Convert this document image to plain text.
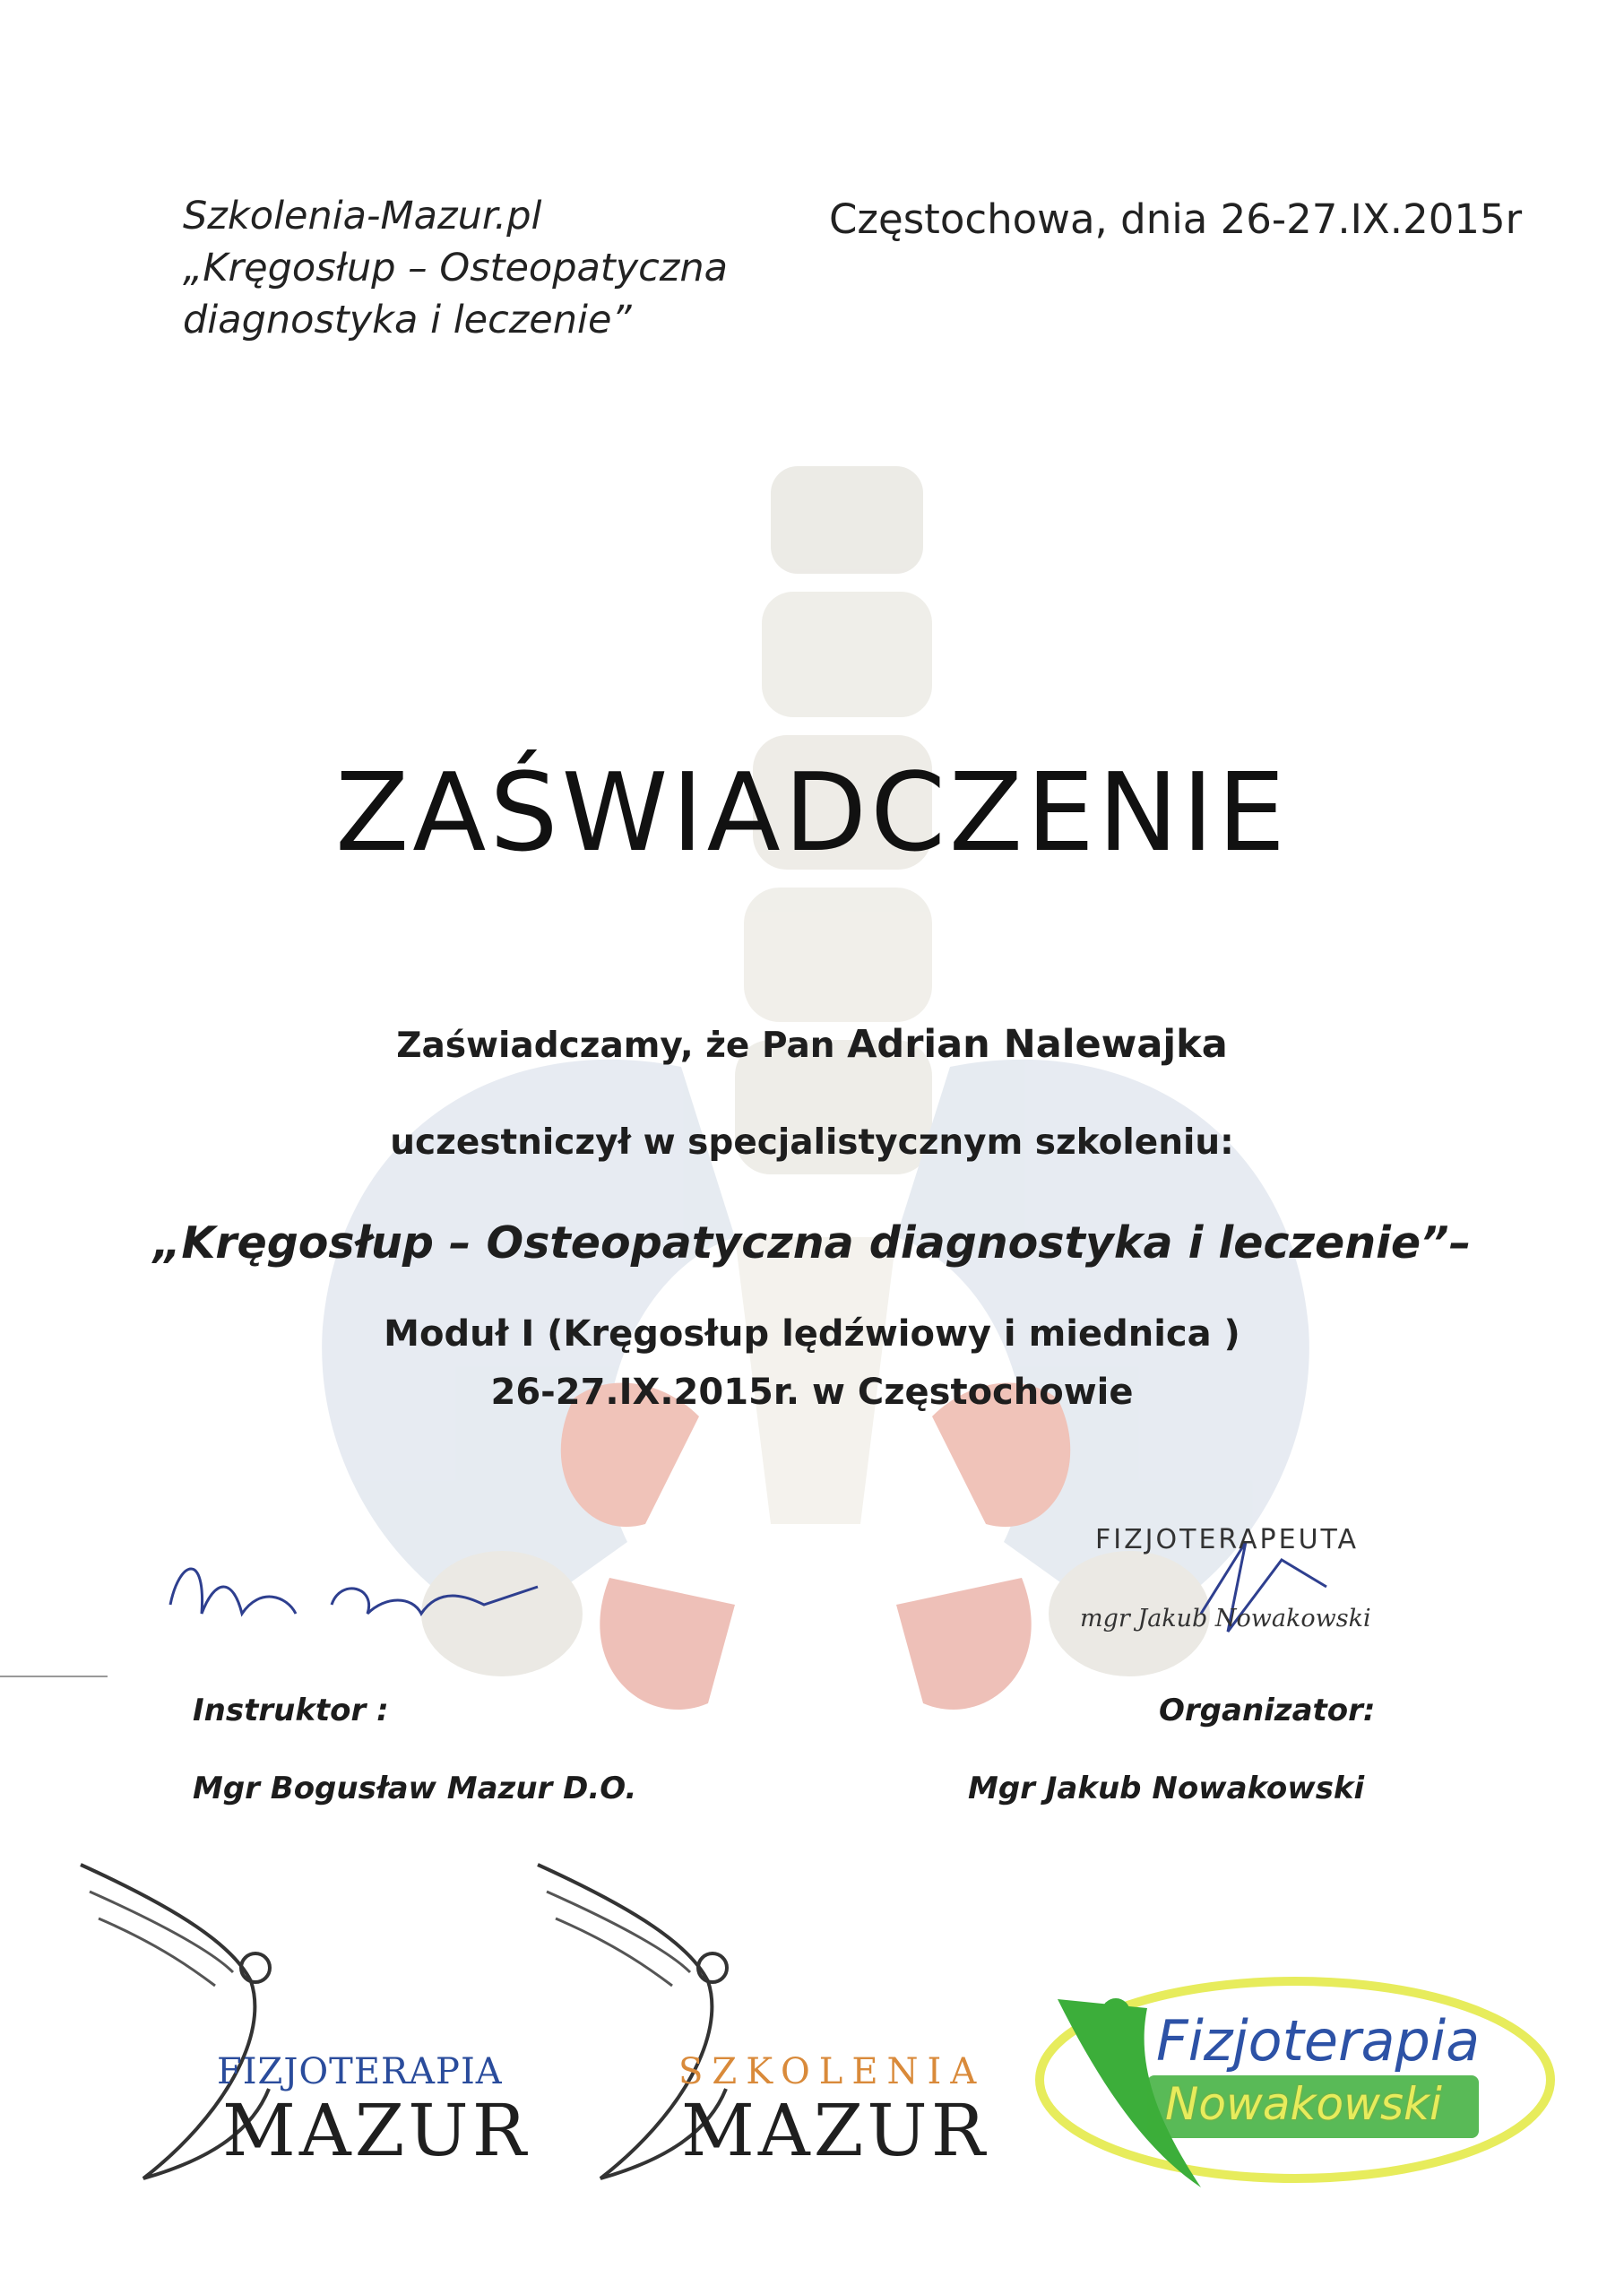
Szkolenia-Mazur.pl
„Kręgosłup – Osteopatyczna
diagnostyka i leczenie”
Częstochowa, dnia 26-27.IX.2015r
ZAŚWIADCZENIE
Zaświadczamy, że Pan Adrian Nalewajka
uczestniczył w specjalistycznym szkoleniu:
„Kręgosłup – Osteopatyczna diagnostyka i leczenie”–
Moduł I (Kręgosłup lędźwiowy i miednica )
26-27.IX.2015r. w Częstochowie
FIZJOTERAPEUTA
mgr Jakub Nowakowski
Instruktor :
Mgr Bogusław Mazur D.O.
Organizator:
Mgr Jakub Nowakowski
FIZJOTERAPIA
MAZUR
SZKOLENIA
MAZUR
Fizjoterapia
Nowakowski
